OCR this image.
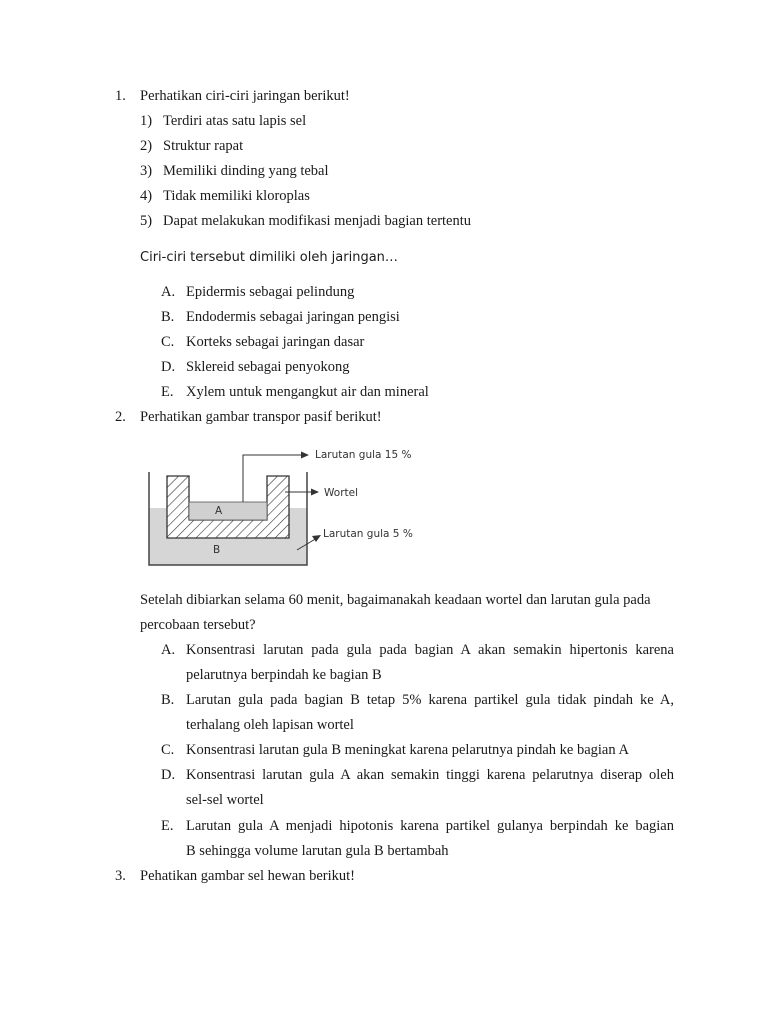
1. Perhatikan ciri-ciri jaringan berikut!
1) Terdiri atas satu lapis sel
2) Struktur rapat
3) Memiliki dinding yang tebal
4) Tidak memiliki kloroplas
5) Dapat melakukan modifikasi menjadi bagian tertentu
Ciri-ciri tersebut dimiliki oleh jaringan…
A. Epidermis sebagai pelindung
B. Endodermis sebagai jaringan pengisi
C. Korteks sebagai jaringan dasar
D. Sklereid sebagai penyokong
E. Xylem untuk mengangkut air dan mineral
2. Perhatikan gambar transpor pasif berikut!
A
B
Larutan gula 15 %
Wortel
Larutan gula 5 %
Setelah dibiarkan selama 60 menit, bagaimanakah keadaan wortel dan larutan gula pada
percobaan tersebut?
A. Konsentrasi larutan pada gula pada bagian A akan semakin hipertonis karena
pelarutnya berpindah ke bagian B
B. Larutan gula pada bagian B tetap 5% karena partikel gula tidak pindah ke A,
terhalang oleh lapisan wortel
C. Konsentrasi larutan gula B meningkat karena pelarutnya pindah ke bagian A
D. Konsentrasi larutan gula A akan semakin tinggi karena pelarutnya diserap oleh
sel-sel wortel
E. Larutan gula A menjadi hipotonis karena partikel gulanya berpindah ke bagian
B sehingga volume larutan gula B bertambah
3. Pehatikan gambar sel hewan berikut!
